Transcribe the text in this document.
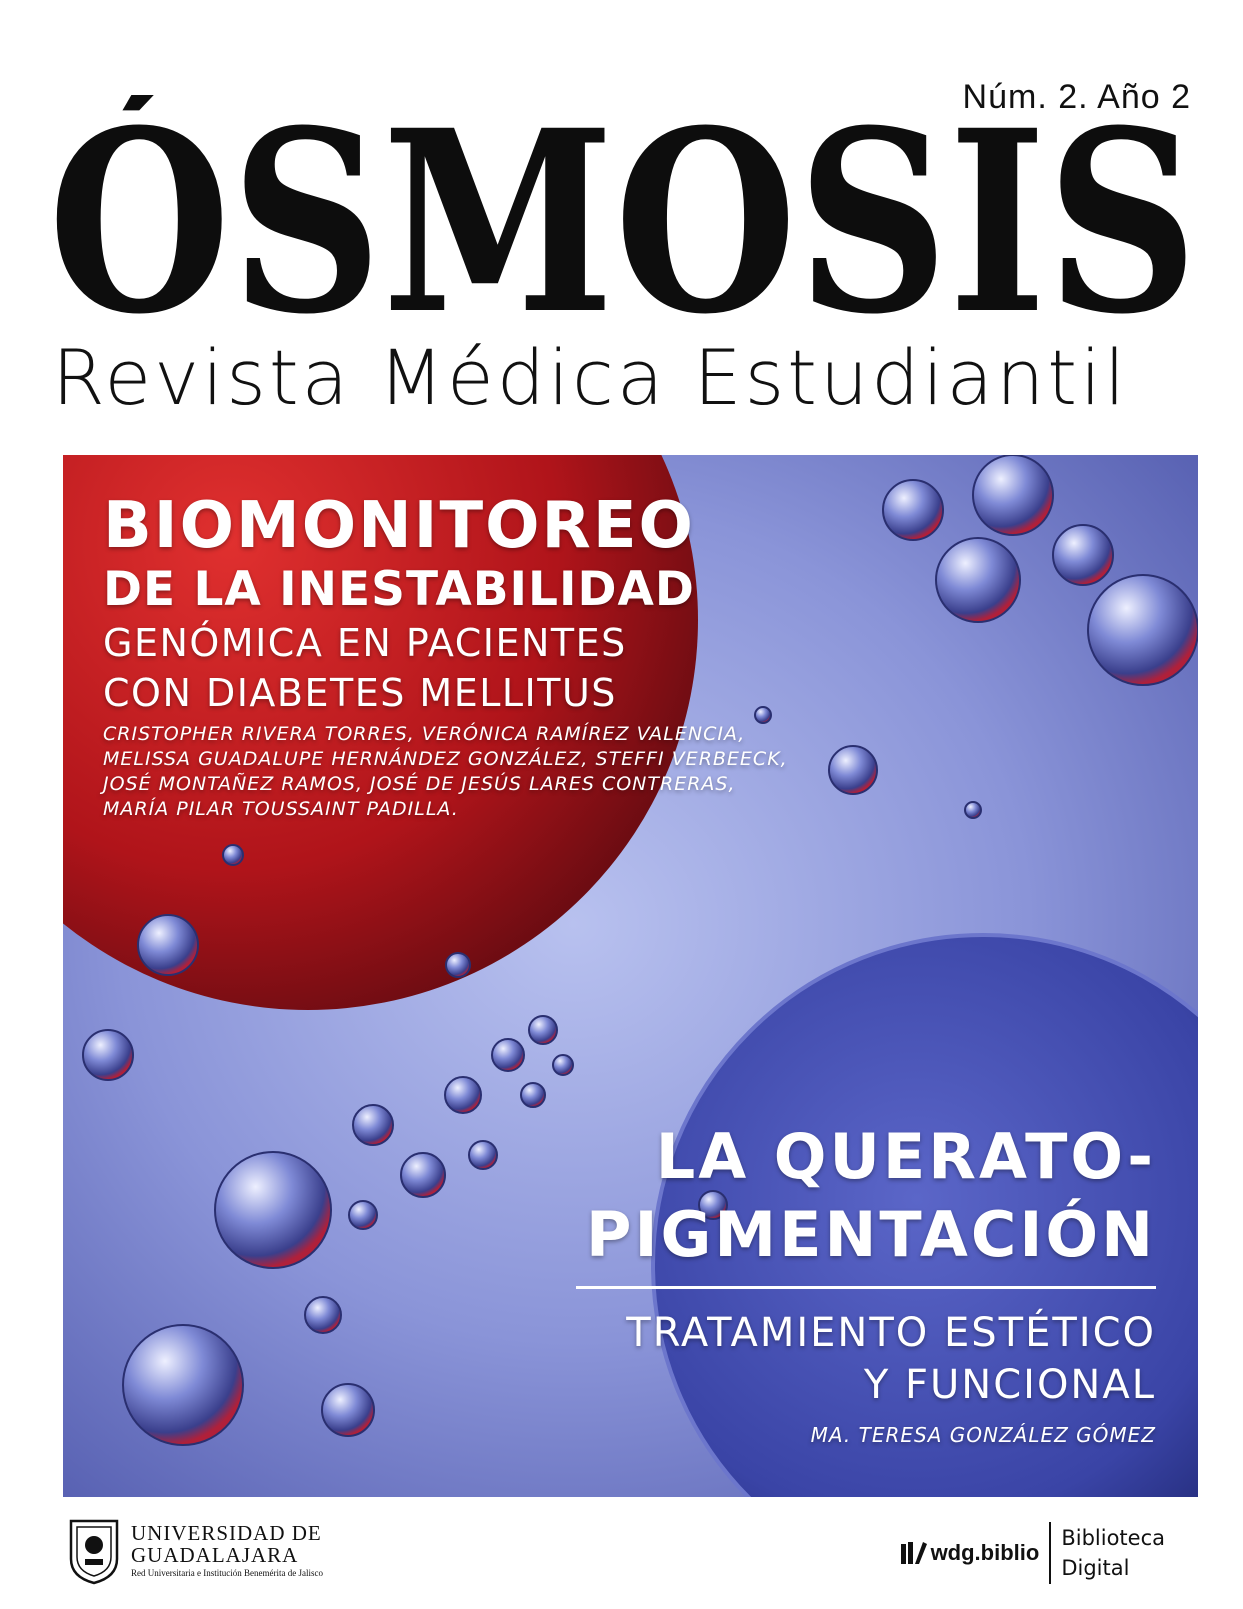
Núm. 2. Año 2
ÓSMOSIS
Revista Médica Estudiantil
BIOMONITOREO
DE LA INESTABILIDAD
GENÓMICA EN PACIENTES
CON DIABETES MELLITUS
CRISTOPHER RIVERA TORRES, VERÓNICA RAMÍREZ VALENCIA,
MELISSA GUADALUPE HERNÁNDEZ GONZÁLEZ, STEFFI VERBEECK,
JOSÉ MONTAÑEZ RAMOS, JOSÉ DE JESÚS LARES CONTRERAS,
MARÍA PILAR TOUSSAINT PADILLA.
LA QUERATO-
PIGMENTACIÓN
TRATAMIENTO ESTÉTICO
Y FUNCIONAL
MA. TERESA GONZÁLEZ GÓMEZ
UNIVERSIDAD DE
GUADALAJARA
Red Universitaria e Institución Benemérita de Jalisco
wdg.biblio
Biblioteca
Digital
